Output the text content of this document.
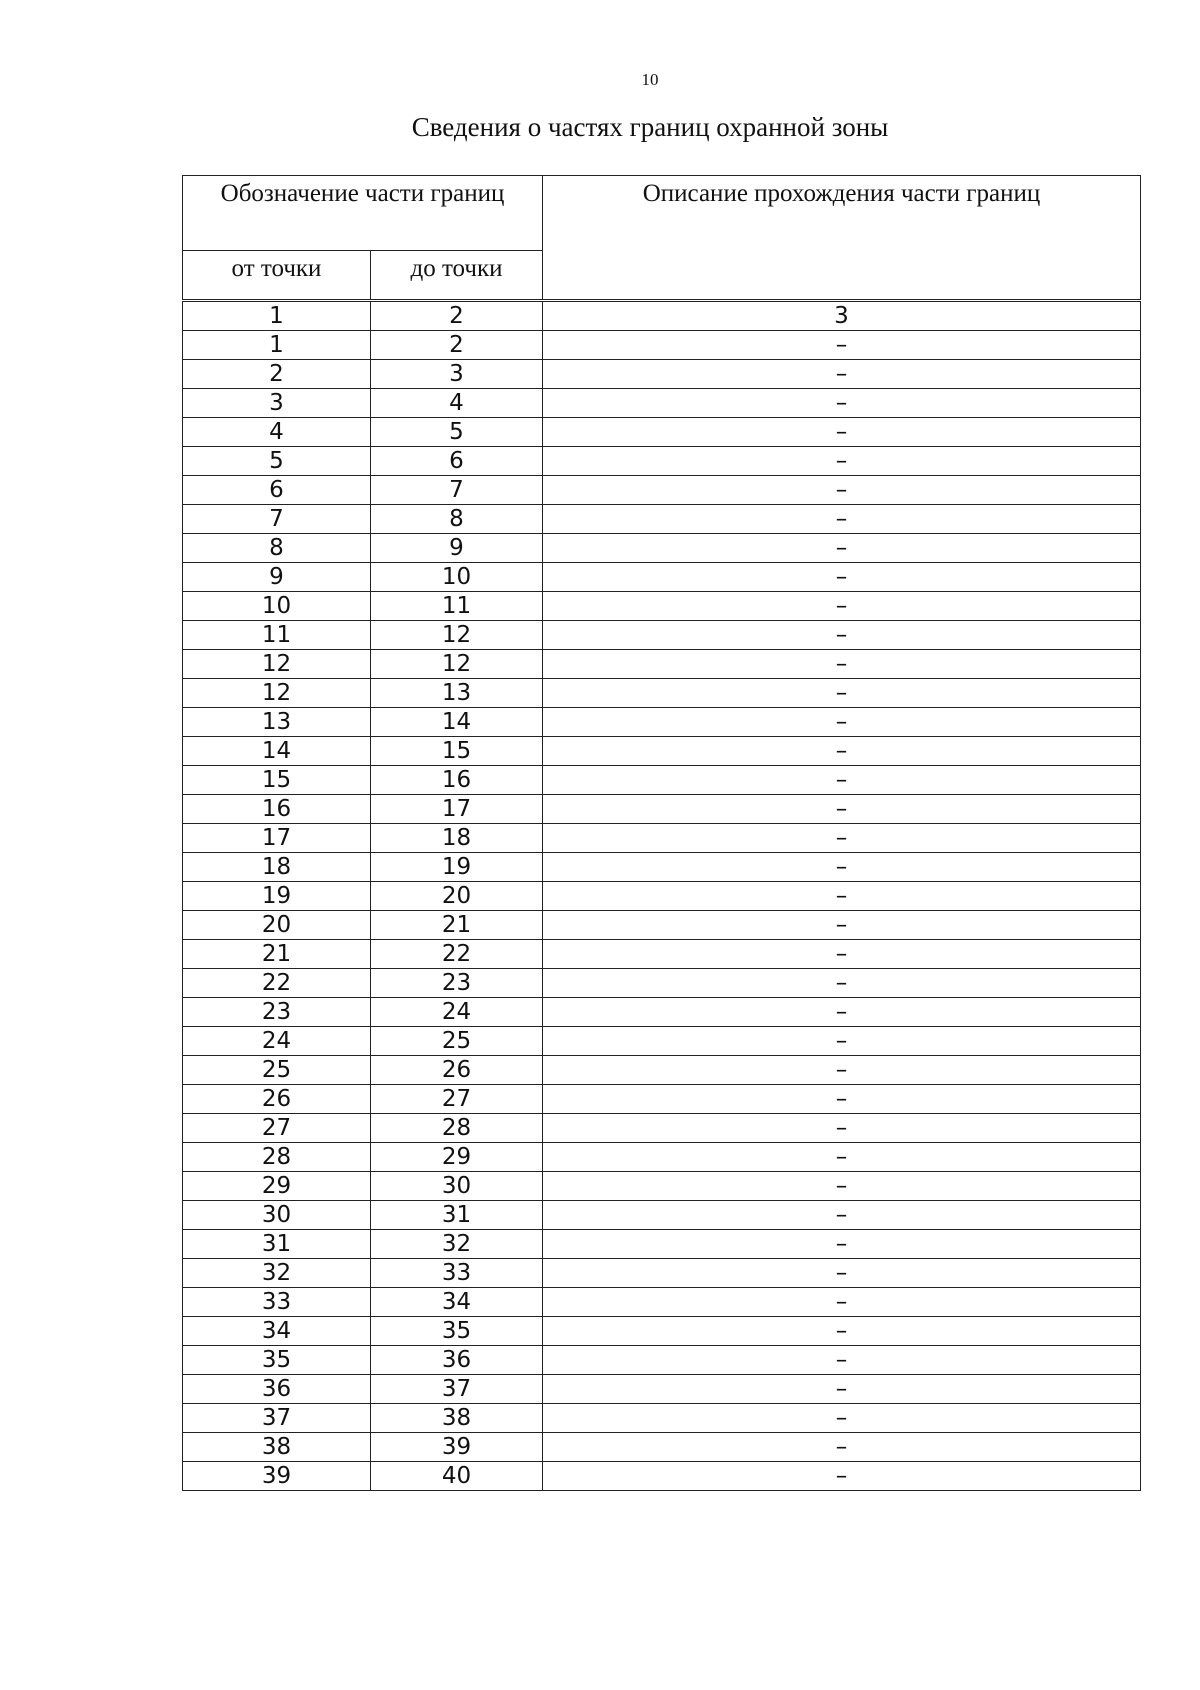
10
Сведения о частях границ охранной зоны
Обозначение части границ		Описание прохождения части границ
от точки	до точки	
1	2	3
1	2	–
2	3	–
3	4	–
4	5	–
5	6	–
6	7	–
7	8	–
8	9	–
9	10	–
10	11	–
11	12	–
12	12	–
12	13	–
13	14	–
14	15	–
15	16	–
16	17	–
17	18	–
18	19	–
19	20	–
20	21	–
21	22	–
22	23	–
23	24	–
24	25	–
25	26	–
26	27	–
27	28	–
28	29	–
29	30	–
30	31	–
31	32	–
32	33	–
33	34	–
34	35	–
35	36	–
36	37	–
37	38	–
38	39	–
39	40	–
